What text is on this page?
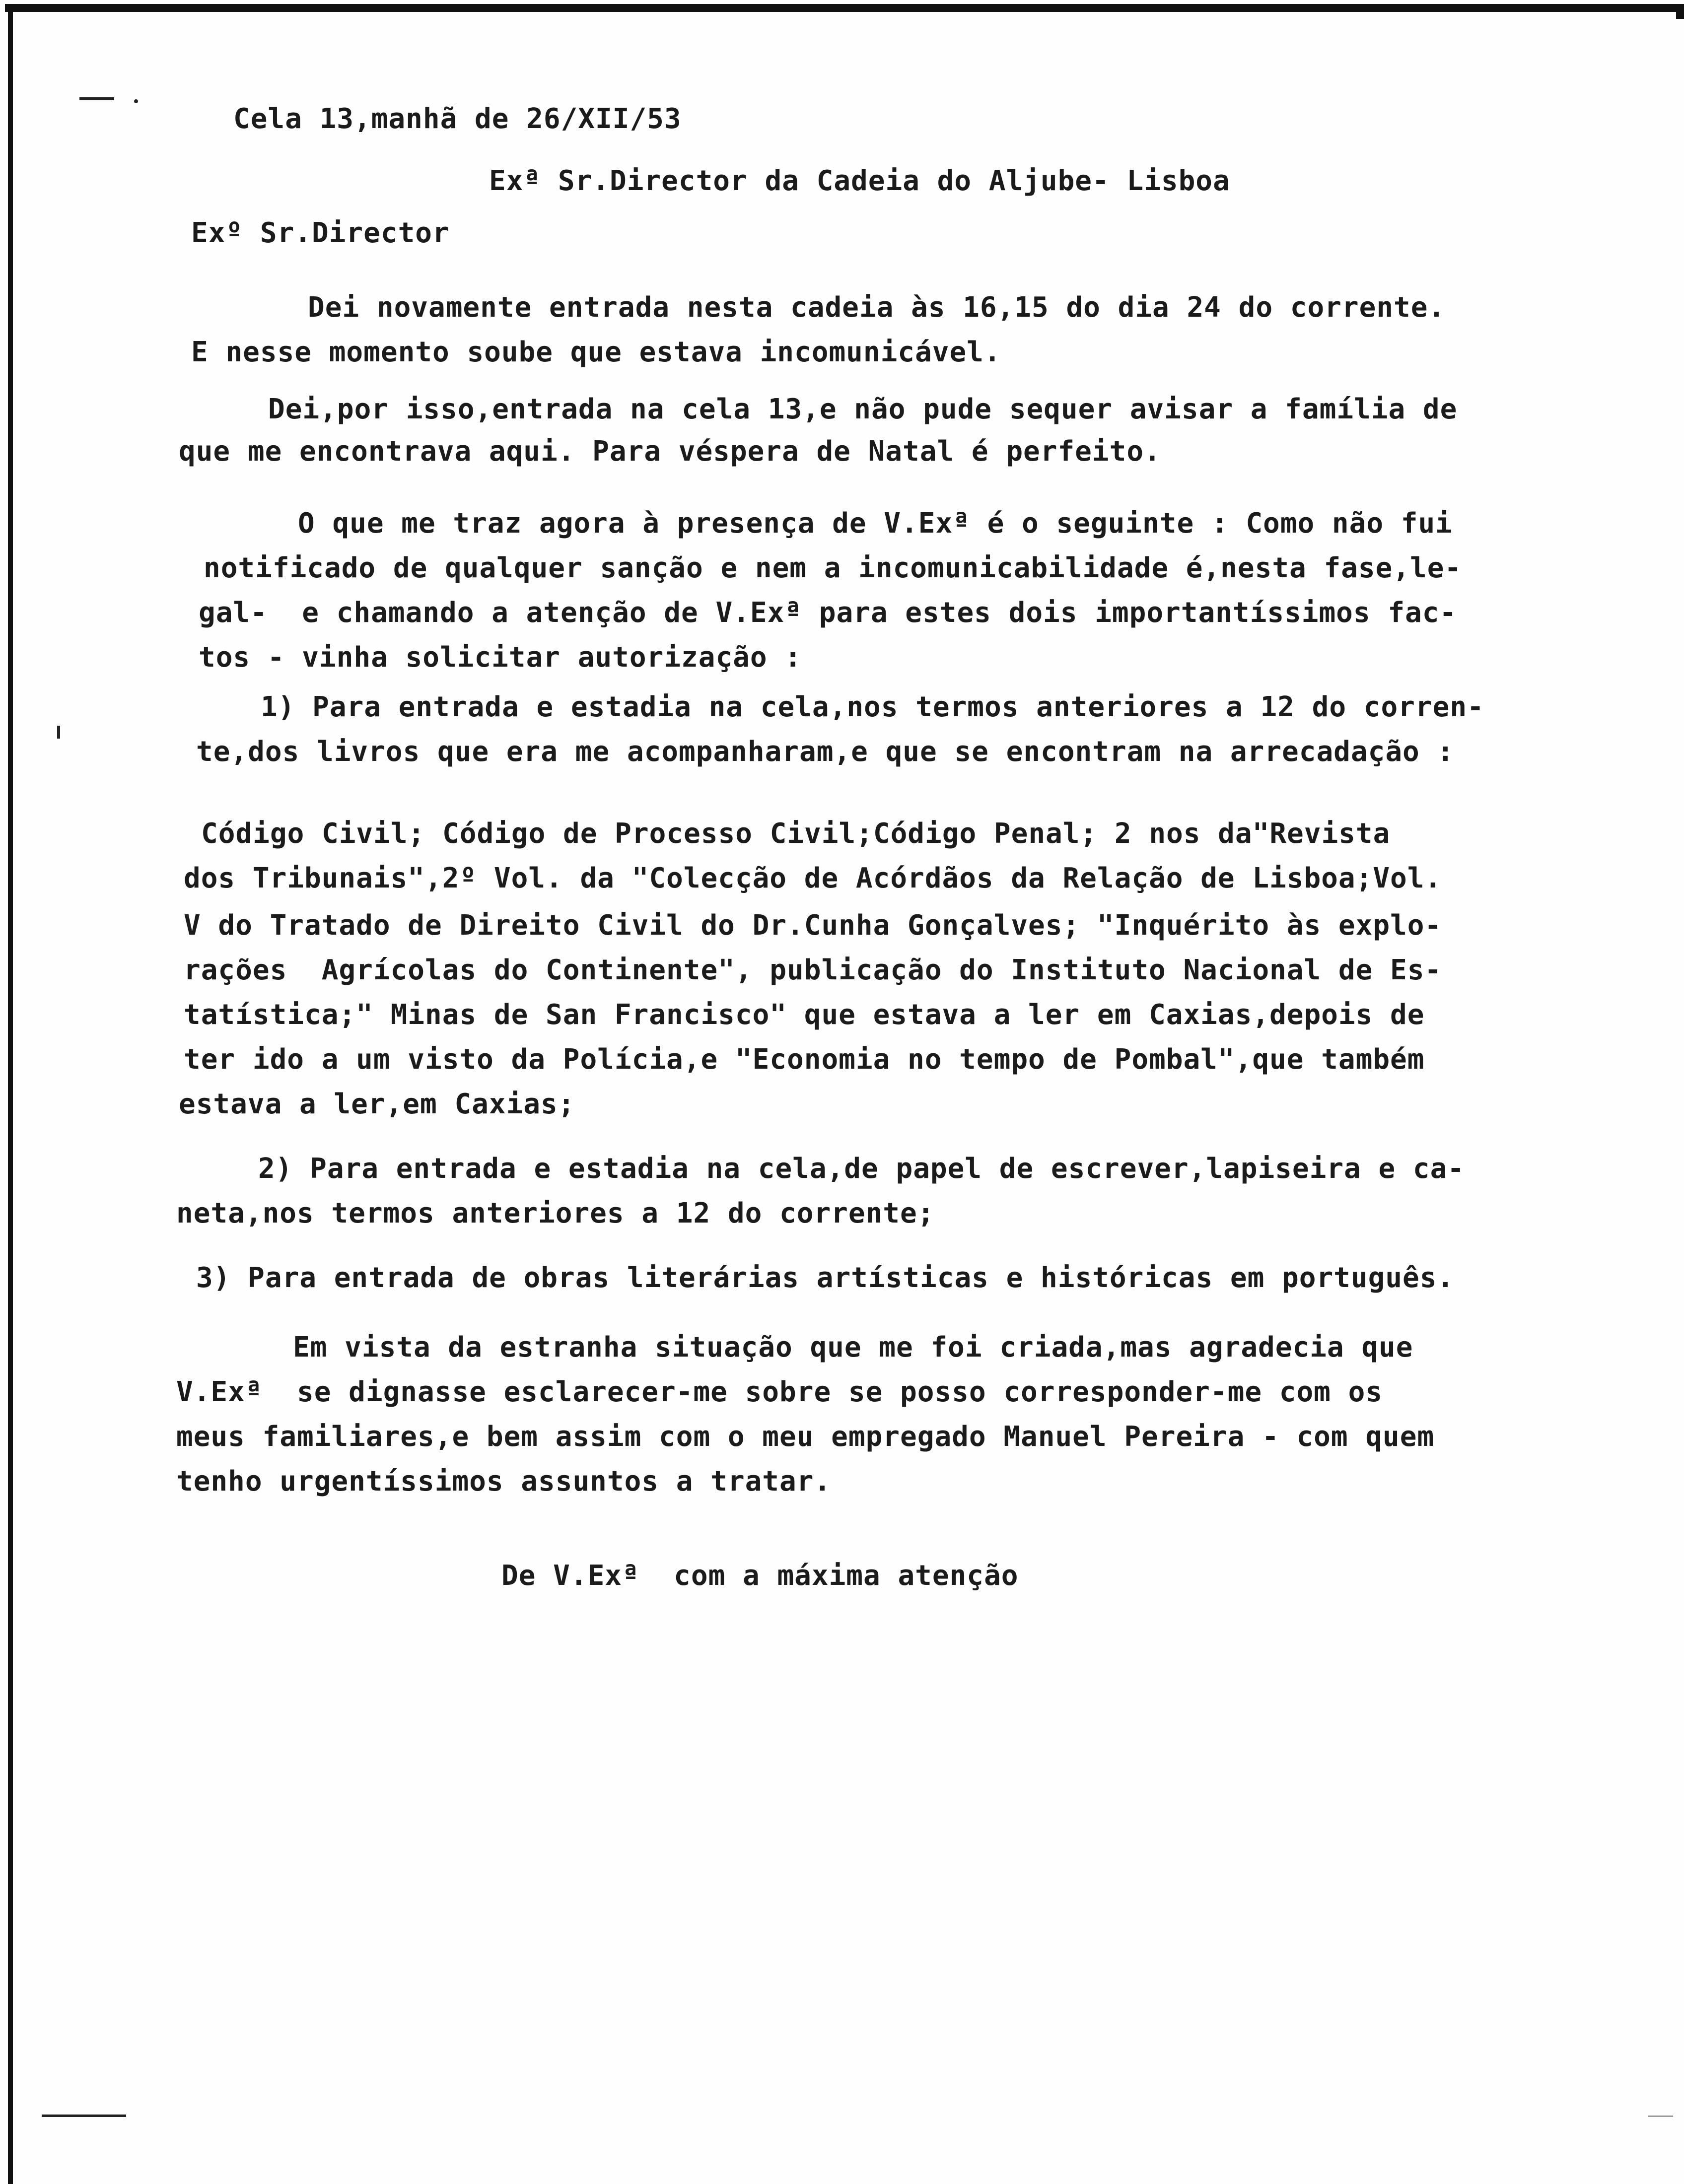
Cela 13,manhã de 26/XII/53
Exª Sr.Director da Cadeia do Aljube- Lisboa
Exº Sr.Director
Dei novamente entrada nesta cadeia às 16,15 do dia 24 do corrente.
E nesse momento soube que estava incomunicável.
Dei,por isso,entrada na cela 13,e não pude sequer avisar a família de
que me encontrava aqui. Para véspera de Natal é perfeito.
O que me traz agora à presença de V.Exª é o seguinte : Como não fui
notificado de qualquer sanção e nem a incomunicabilidade é,nesta fase,le-
gal-  e chamando a atenção de V.Exª para estes dois importantíssimos fac-
tos - vinha solicitar autorização :
1) Para entrada e estadia na cela,nos termos anteriores a 12 do corren-
te,dos livros que era me acompanharam,e que se encontram na arrecadação :
Código Civil; Código de Processo Civil;Código Penal; 2 nos da"Revista
dos Tribunais",2º Vol. da "Colecção de Acórdãos da Relação de Lisboa;Vol.
V do Tratado de Direito Civil do Dr.Cunha Gonçalves; "Inquérito às explo-
rações  Agrícolas do Continente", publicação do Instituto Nacional de Es-
tatística;" Minas de San Francisco" que estava a ler em Caxias,depois de
ter ido a um visto da Polícia,e "Economia no tempo de Pombal",que também
estava a ler,em Caxias;
2) Para entrada e estadia na cela,de papel de escrever,lapiseira e ca-
neta,nos termos anteriores a 12 do corrente;
3) Para entrada de obras literárias artísticas e históricas em português.
Em vista da estranha situação que me foi criada,mas agradecia que
V.Exª  se dignasse esclarecer-me sobre se posso corresponder-me com os
meus familiares,e bem assim com o meu empregado Manuel Pereira - com quem
tenho urgentíssimos assuntos a tratar.
De V.Exª  com a máxima atenção
